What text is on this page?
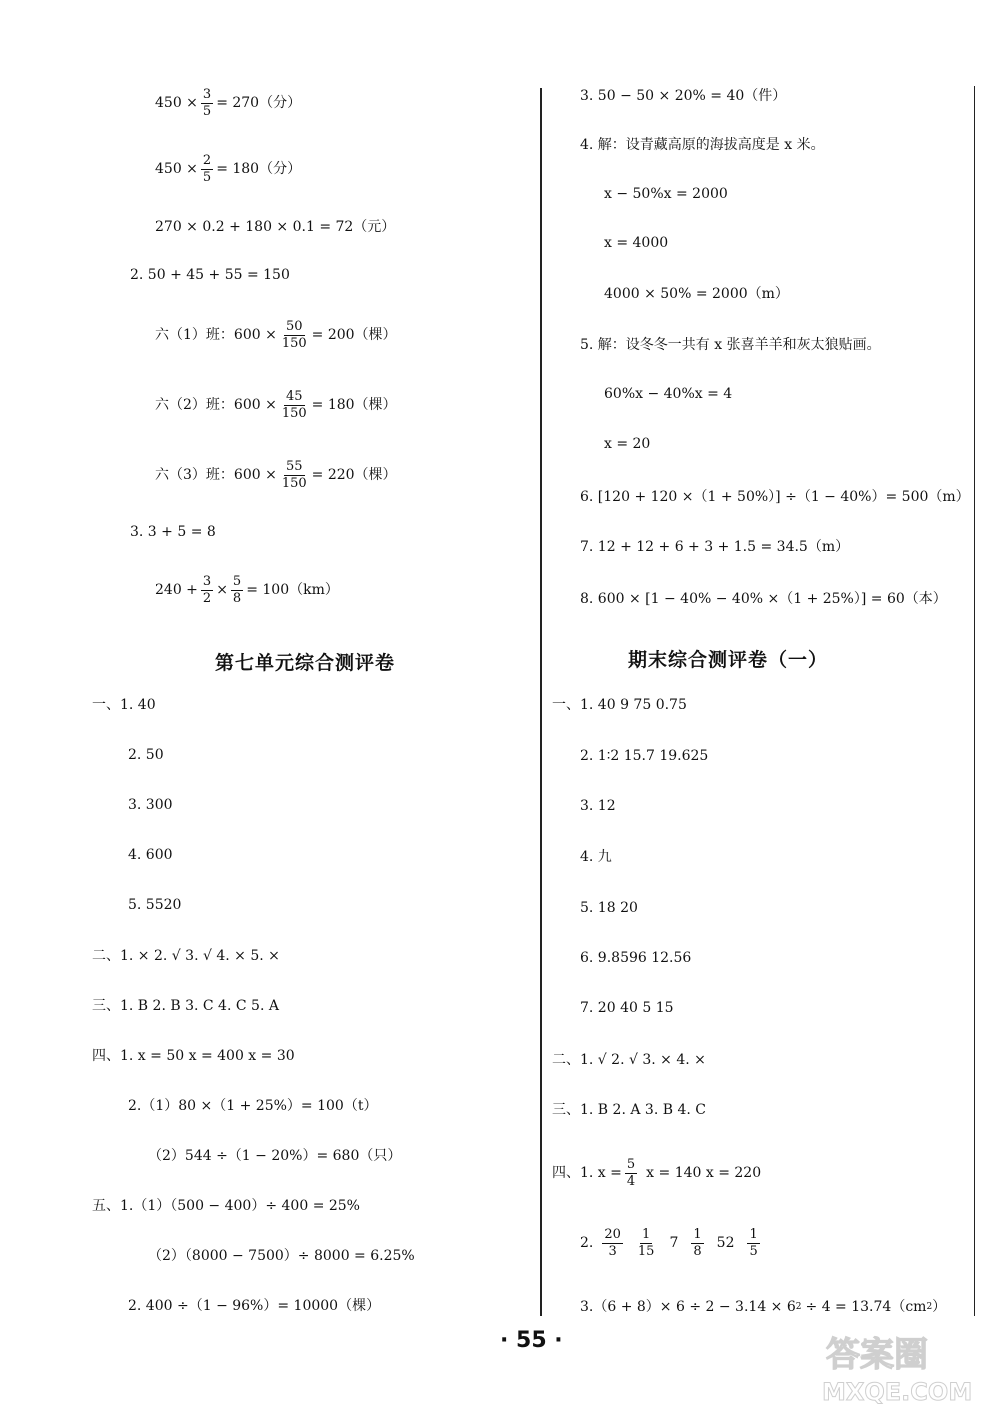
$450 \times \frac{3}{5} = 270$（分）
$450 \times \frac{2}{5} = 180$（分）
270 × 0.2 + 180 × 0.1 = 72（元）
2. 50 + 45 + 55 = 150
六（1）班：$600 \times \frac{50}{150} = 200$（棵）
六（2）班：$600 \times \frac{45}{150} = 180$（棵）
六（3）班：$600 \times \frac{55}{150} = 220$（棵）
3. 3 + 5 = 8
$240 + \frac{3}{2} \times \frac{5}{8} = 100(km)$
第七单元综合测评卷
一、1. 40
2. 50
3. 300
4. 600
5. 5520
二、1. × 2. √ 3. √ 4. × 5. ×
三、1. B 2. B 3. C 4. C 5. A
四、1. x = 50 x = 400 x = 30
2.（1）80 ×（1 + 25%）= 100（t）
（2）544 ÷（1 − 20%）= 680（只）
五、1.（1）（500 − 400）÷ 400 = 25%
（2）（8000 − 7500）÷ 8000 = 6.25%
2. 400 ÷（1 − 96%）= 10000（棵）
3. 50 − 50 × 20% = 40（件）
4. 解：设青藏高原的海拔高度是 x 米。
x − 50%x = 2000
x = 4000
4000 × 50% = 2000（m）
5. 解：设冬冬一共有 x 张喜羊羊和灰太狼贴画。
60%x − 40%x = 4
x = 20
6. [120 + 120 ×（1 + 50%）] ÷（1 − 40%）= 500（m）
7. 12 + 12 + 6 + 3 + 1.5 = 34.5（m）
8. 600 × [1 − 40% − 40% ×（1 + 25%）] = 60（本）
期末综合测评卷（一）
一、1. 40 9 75 0.75
2. 1∶2 15.7 19.625
3. 12
4. 九
5. 18 20
6. 9.8596 12.56
7. 20 40 5 15
二、1. √ 2. √ 3. × 4. ×
三、1. B 2. A 3. B 4. C
四、1. $x = \frac{5}{4}$ x = 140 x = 220
2. $\frac{20}{3} \frac{1}{15} 7 \frac{1}{8} 52 \frac{1}{5}$
3.（6 + 8）× 6 ÷ 2 − 3.14 × 6 2 ÷ 4 = 13.74（cm 2 ）
· 55 ·	答案圈
MXQE.COM
